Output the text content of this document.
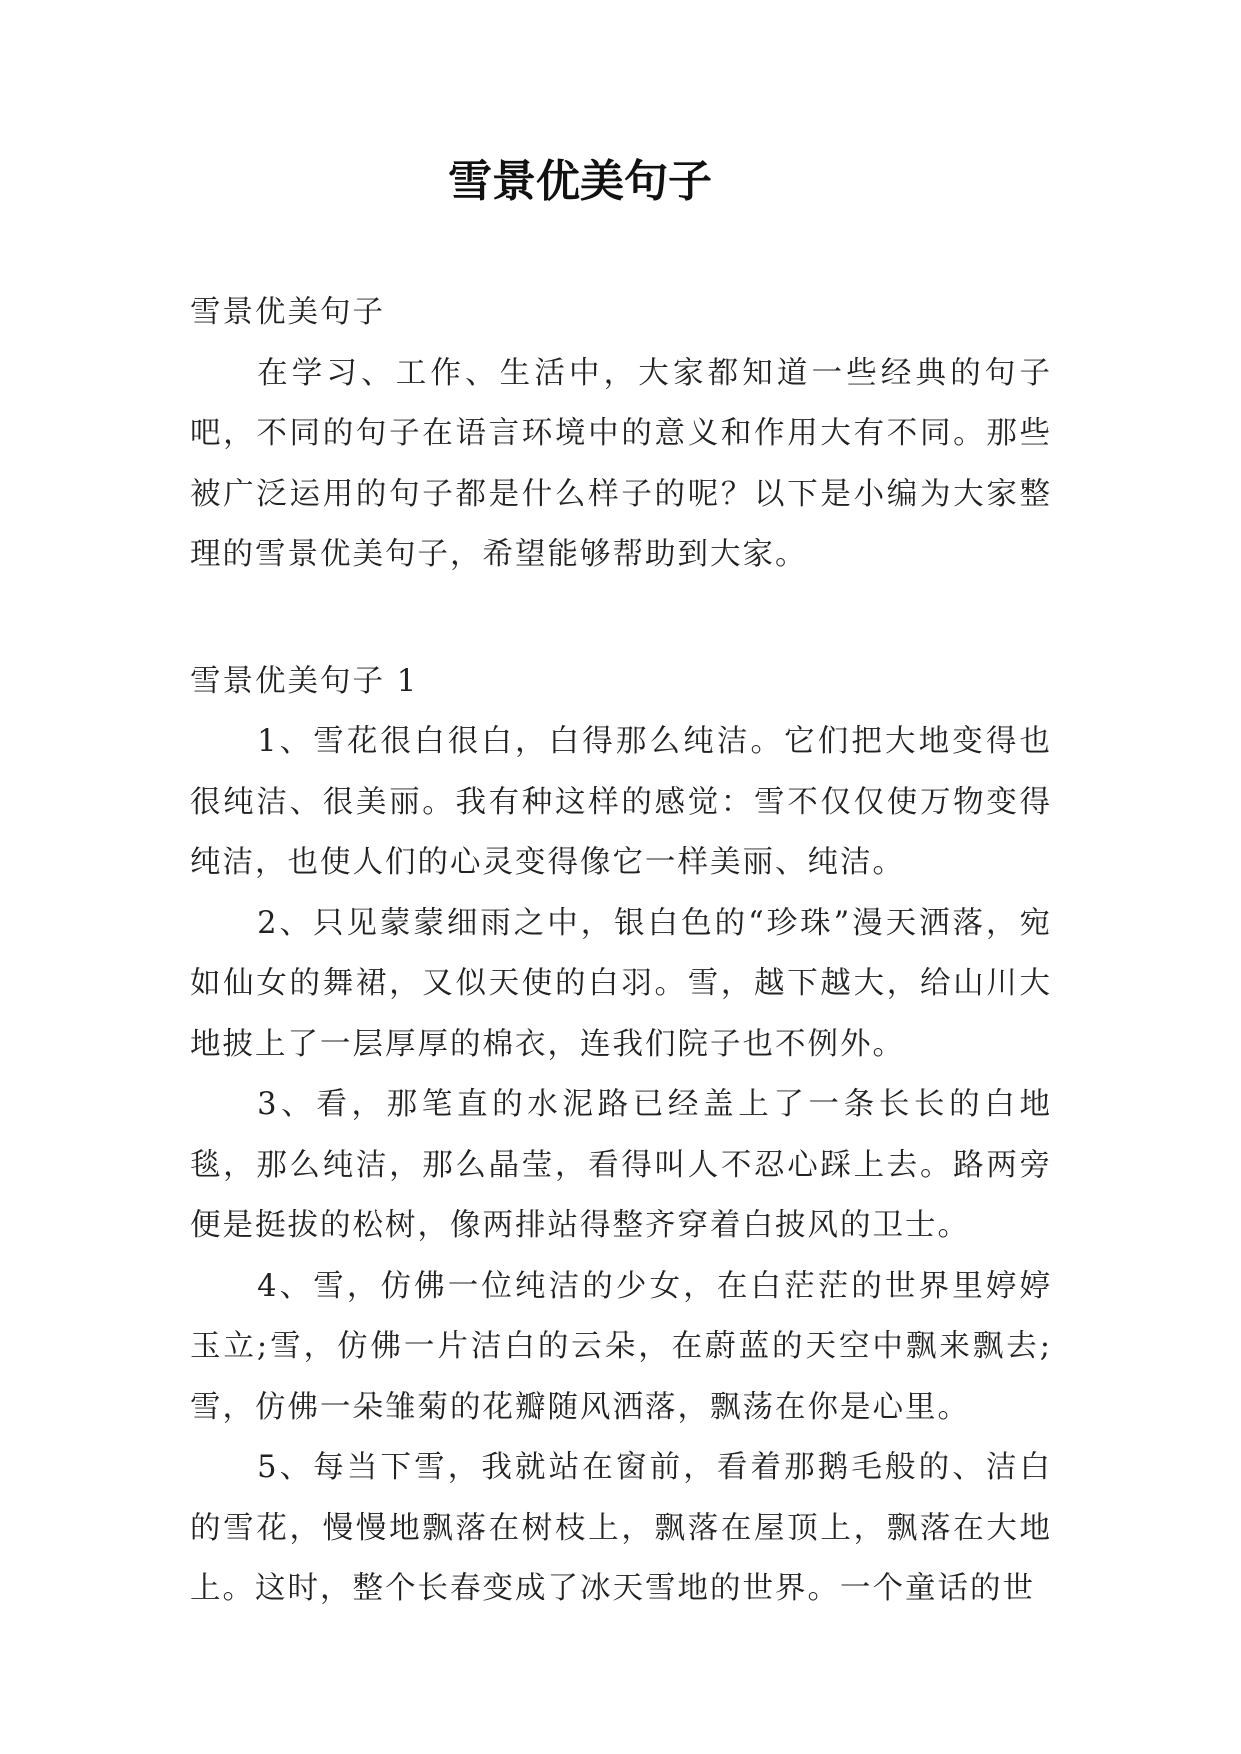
雪景优美句子

雪景优美句子

在学习、工作、生活中，大家都知道一些经典的句子吧，不同的句子在语言环境中的意义和作用大有不同。那些被广泛运用的句子都是什么样子的呢？以下是小编为大家整理的雪景优美句子，希望能够帮助到大家。

雪景优美句子 1

1、雪花很白很白，白得那么纯洁。它们把大地变得也很纯洁、很美丽。我有种这样的感觉：雪不仅仅使万物变得纯洁，也使人们的心灵变得像它一样美丽、纯洁。

2、只见蒙蒙细雨之中，银白色的“珍珠”漫天洒落，宛如仙女的舞裙，又似天使的白羽。雪，越下越大，给山川大地披上了一层厚厚的棉衣，连我们院子也不例外。

3、看，那笔直的水泥路已经盖上了一条长长的白地毯，那么纯洁，那么晶莹，看得叫人不忍心踩上去。路两旁便是挺拔的松树，像两排站得整齐穿着白披风的卫士。

4、雪，仿佛一位纯洁的少女，在白茫茫的世界里婷婷玉立;雪，仿佛一片洁白的云朵，在蔚蓝的天空中飘来飘去;雪，仿佛一朵雏菊的花瓣随风洒落，飘荡在你是心里。

5、每当下雪，我就站在窗前，看着那鹅毛般的、洁白的雪花，慢慢地飘落在树枝上，飘落在屋顶上，飘落在大地上。这时，整个长春变成了冰天雪地的世界。一个童话的世
